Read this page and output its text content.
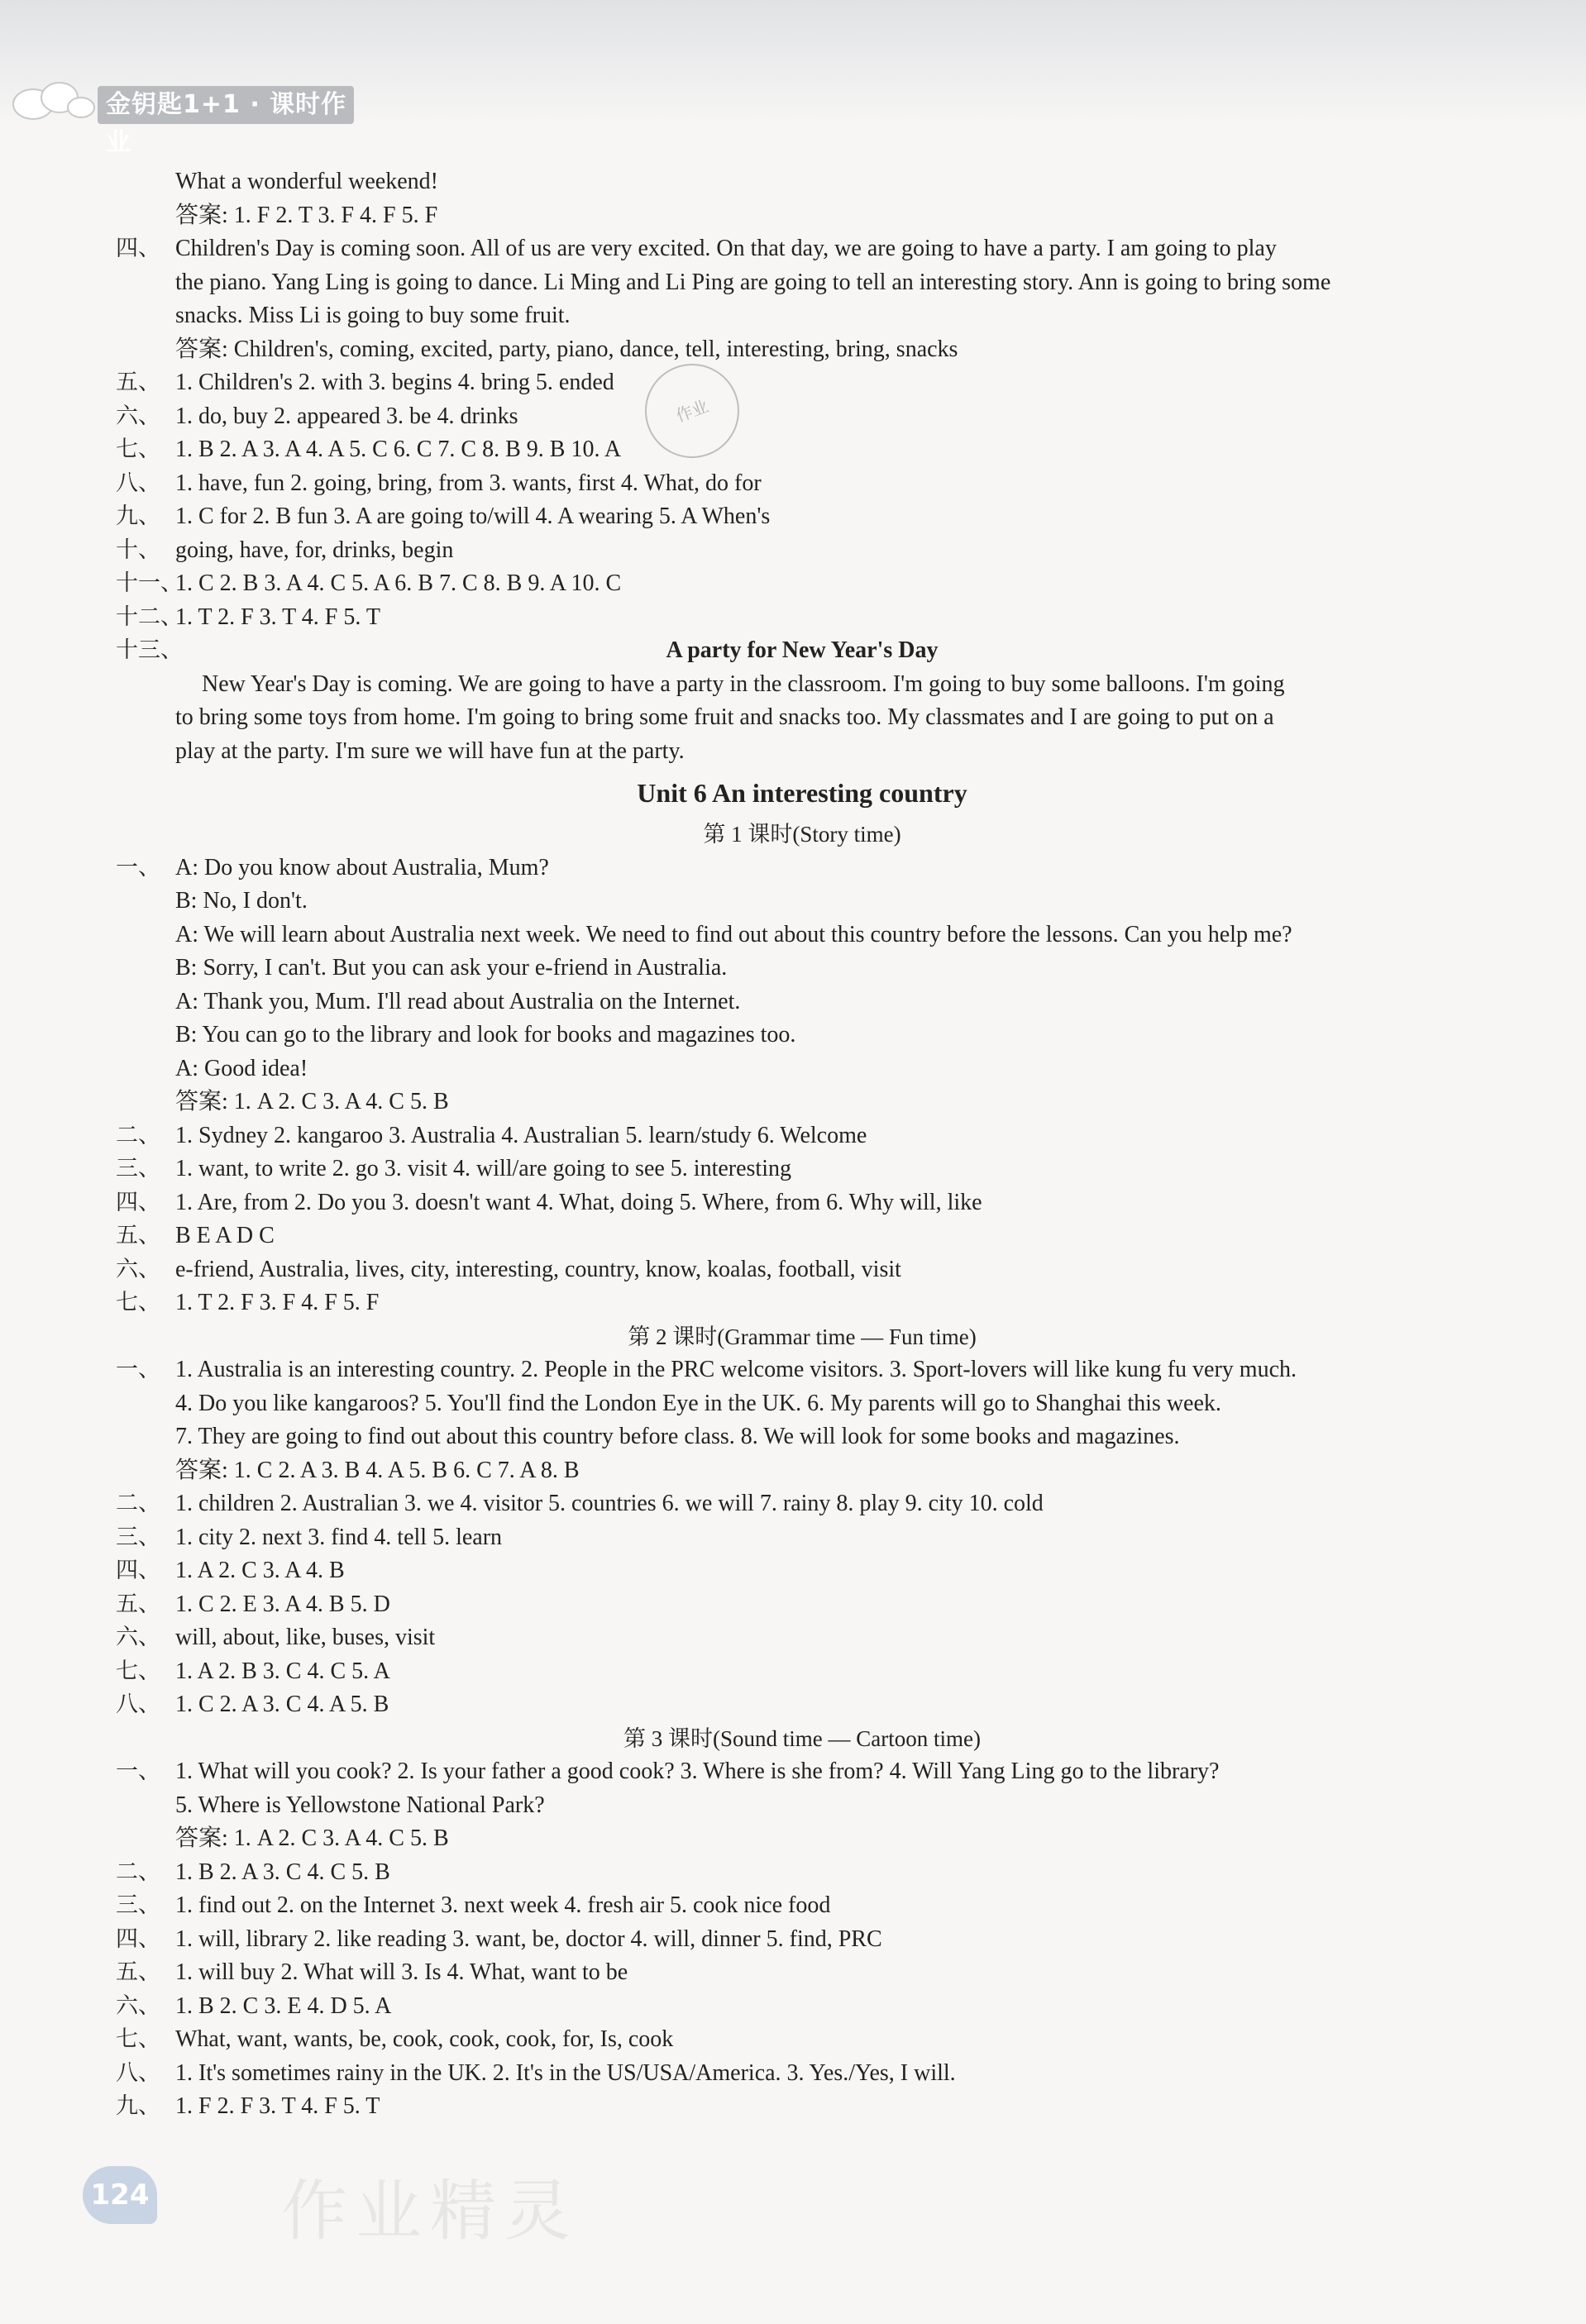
金钥匙1+1 · 课时作业
作业
What a wonderful weekend!
答案: 1. F 2. T 3. F 4. F 5. F
四、 Children's Day is coming soon. All of us are very excited. On that day, we are going to have a party. I am going to play
the piano. Yang Ling is going to dance. Li Ming and Li Ping are going to tell an interesting story. Ann is going to bring some
snacks. Miss Li is going to buy some fruit.
答案: Children's, coming, excited, party, piano, dance, tell, interesting, bring, snacks
五、 1. Children's 2. with 3. begins 4. bring 5. ended
六、 1. do, buy 2. appeared 3. be 4. drinks
七、 1. B 2. A 3. A 4. A 5. C 6. C 7. C 8. B 9. B 10. A
八、 1. have, fun 2. going, bring, from 3. wants, first 4. What, do for
九、 1. C for 2. B fun 3. A are going to/will 4. A wearing 5. A When's
十、 going, have, for, drinks, begin
十一、
1. C 2. B 3. A 4. C 5. A 6. B 7. C 8. B 9. A 10. C
十二、
1. T 2. F 3. T 4. F 5. T
十三、	A party for New Year's Day
New Year's Day is coming. We are going to have a party in the classroom. I'm going to buy some balloons. I'm going
to bring some toys from home. I'm going to bring some fruit and snacks too. My classmates and I are going to put on a
play at the party. I'm sure we will have fun at the party.
Unit 6 An interesting country
第 1 课时(Story time)
一、 A: Do you know about Australia, Mum?
B: No, I don't.
A: We will learn about Australia next week. We need to find out about this country before the lessons. Can you help me?
B: Sorry, I can't. But you can ask your e-friend in Australia.
A: Thank you, Mum. I'll read about Australia on the Internet.
B: You can go to the library and look for books and magazines too.
A: Good idea!
答案: 1. A 2. C 3. A 4. C 5. B
二、 1. Sydney 2. kangaroo 3. Australia 4. Australian 5. learn/study 6. Welcome
三、 1. want, to write 2. go 3. visit 4. will/are going to see 5. interesting
四、 1. Are, from 2. Do you 3. doesn't want 4. What, doing 5. Where, from 6. Why will, like
五、 B E A D C
六、 e-friend, Australia, lives, city, interesting, country, know, koalas, football, visit
七、 1. T 2. F 3. F 4. F 5. F
第 2 课时(Grammar time — Fun time)
一、 1. Australia is an interesting country. 2. People in the PRC welcome visitors. 3. Sport-lovers will like kung fu very much.
4. Do you like kangaroos? 5. You'll find the London Eye in the UK. 6. My parents will go to Shanghai this week.
7. They are going to find out about this country before class. 8. We will look for some books and magazines.
答案: 1. C 2. A 3. B 4. A 5. B 6. C 7. A 8. B
二、 1. children 2. Australian 3. we 4. visitor 5. countries 6. we will 7. rainy 8. play 9. city 10. cold
三、 1. city 2. next 3. find 4. tell 5. learn
四、 1. A 2. C 3. A 4. B
五、 1. C 2. E 3. A 4. B 5. D
六、 will, about, like, buses, visit
七、 1. A 2. B 3. C 4. C 5. A
八、 1. C 2. A 3. C 4. A 5. B
第 3 课时(Sound time — Cartoon time)
一、 1. What will you cook? 2. Is your father a good cook? 3. Where is she from? 4. Will Yang Ling go to the library?
5. Where is Yellowstone National Park?
答案: 1. A 2. C 3. A 4. C 5. B
二、 1. B 2. A 3. C 4. C 5. B
三、 1. find out 2. on the Internet 3. next week 4. fresh air 5. cook nice food
四、 1. will, library 2. like reading 3. want, be, doctor 4. will, dinner 5. find, PRC
五、 1. will buy 2. What will 3. Is 4. What, want to be
六、 1. B 2. C 3. E 4. D 5. A
七、 What, want, wants, be, cook, cook, cook, for, Is, cook
八、 1. It's sometimes rainy in the UK. 2. It's in the US/USA/America. 3. Yes./Yes, I will.
九、 1. F 2. F 3. T 4. F 5. T
124 作业精灵
